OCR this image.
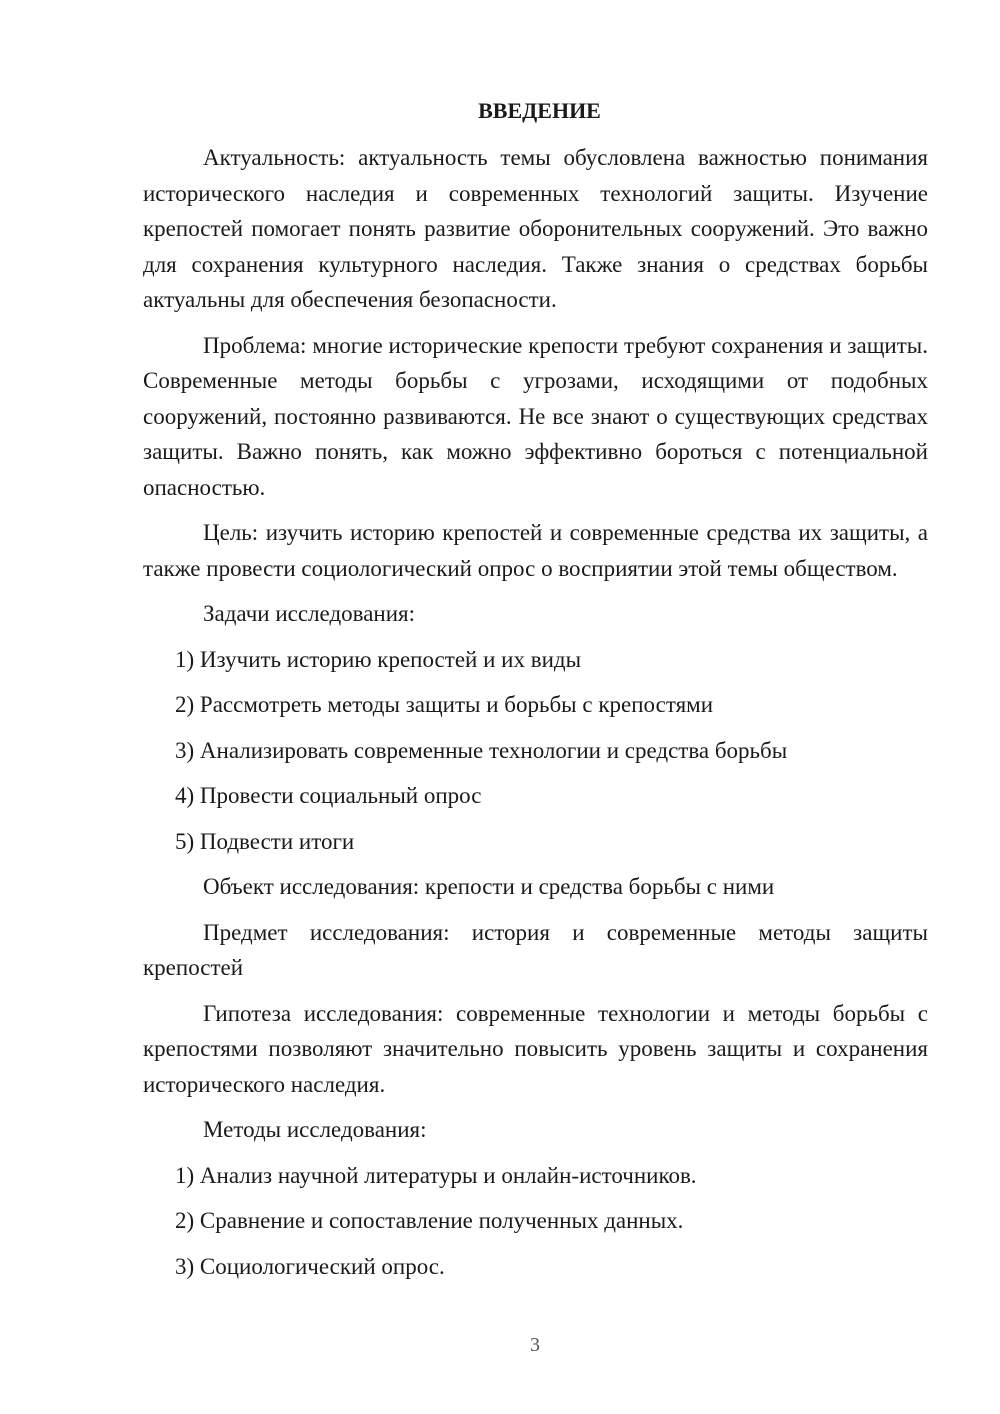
ВВЕДЕНИЕ

Актуальность: актуальность темы обусловлена важностью понимания исторического наследия и современных технологий защиты. Изучение крепостей помогает понять развитие оборонительных сооружений. Это важно для сохранения культурного наследия. Также знания о средствах борьбы актуальны для обеспечения безопасности.

Проблема: многие исторические крепости требуют сохранения и защиты. Современные методы борьбы с угрозами, исходящими от подобных сооружений, постоянно развиваются. Не все знают о существующих средствах защиты. Важно понять, как можно эффективно бороться с потенциальной опасностью.

Цель: изучить историю крепостей и современные средства их защиты, а также провести социологический опрос о восприятии этой темы обществом.

Задачи исследования:

1) Изучить историю крепостей и их виды

2) Рассмотреть методы защиты и борьбы с крепостями

3) Анализировать современные технологии и средства борьбы

4) Провести социальный опрос

5) Подвести итоги

Объект исследования: крепости и средства борьбы с ними

Предмет исследования: история и современные методы защиты крепостей

Гипотеза исследования: современные технологии и методы борьбы с крепостями позволяют значительно повысить уровень защиты и сохранения исторического наследия.

Методы исследования:

1) Анализ научной литературы и онлайн-источников.

2) Сравнение и сопоставление полученных данных.

3) Социологический опрос.

3
